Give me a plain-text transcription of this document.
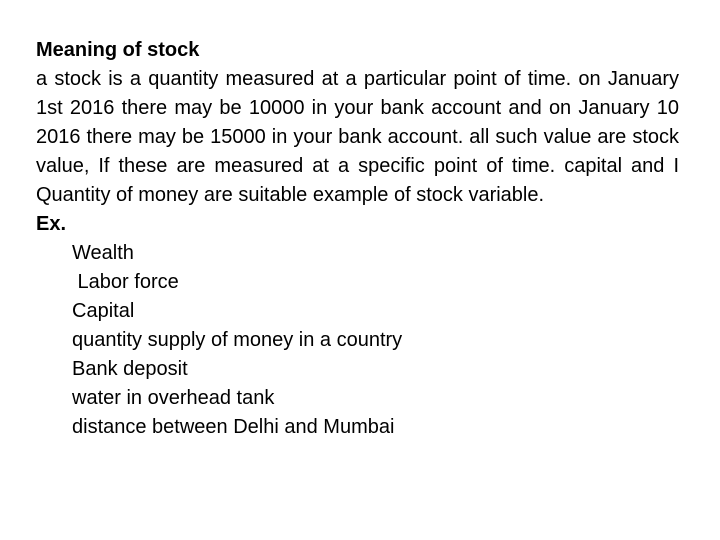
Meaning of stock

a stock is a quantity measured at a particular point of time. on January 1st 2016 there may be 10000 in your bank account and on January 10 2016 there may be 15000 in your bank account. all such value are stock value, If these are measured at a specific point of time. capital and I Quantity of money are suitable example of stock variable.

Ex.

Wealth
Labor force
Capital
quantity supply of money in a country
Bank deposit
water in overhead tank
distance between Delhi and Mumbai
